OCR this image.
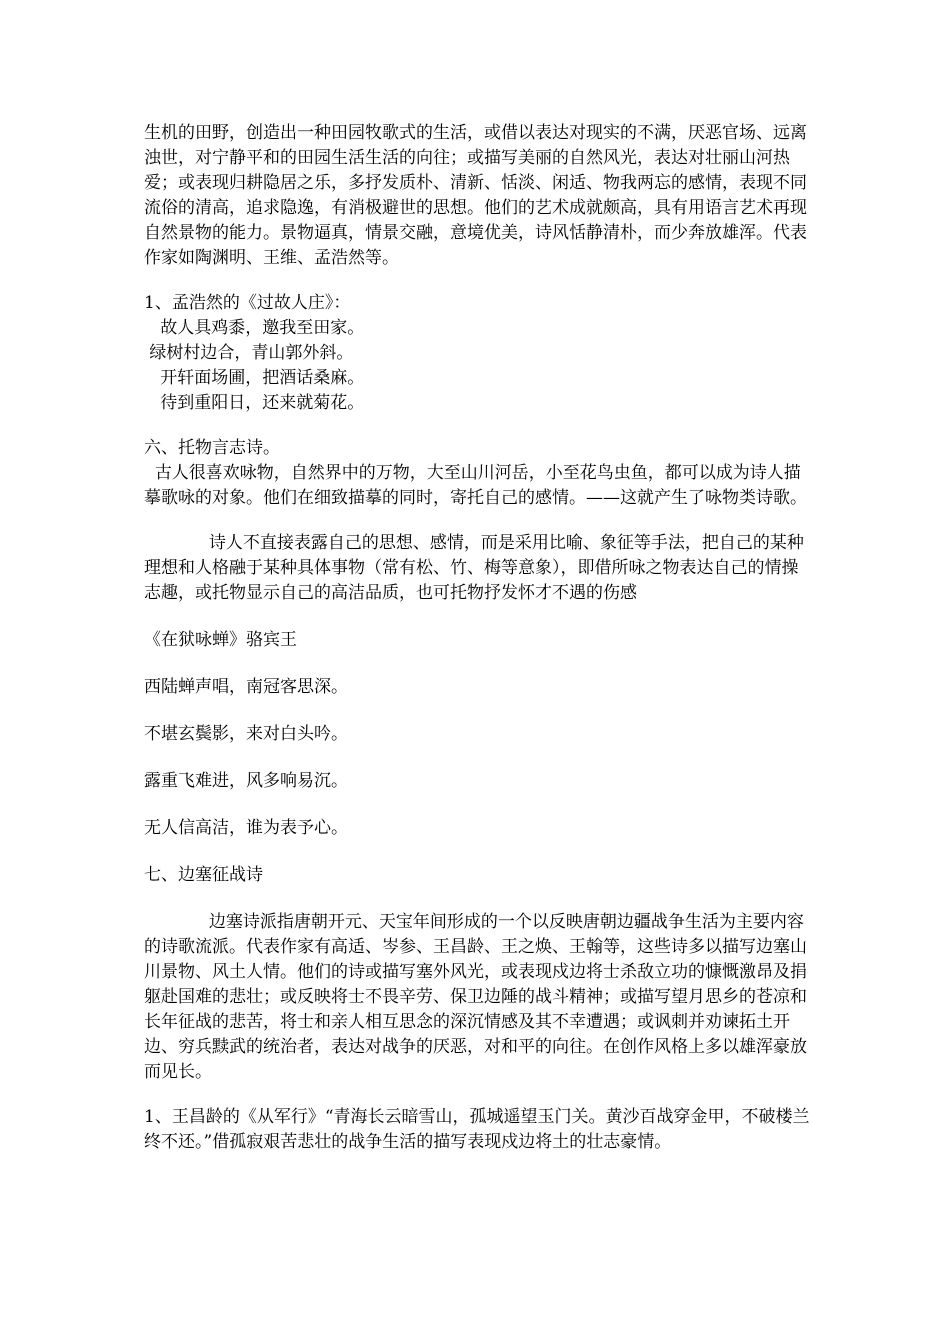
生机的田野，创造出一种田园牧歌式的生活，或借以表达对现实的不满，厌恶官场、远离浊世，对宁静平和的田园生活生活的向往；或描写美丽的自然风光，表达对壮丽山河热爱；或表现归耕隐居之乐，多抒发质朴、清新、恬淡、闲适、物我两忘的感情，表现不同流俗的清高，追求隐逸，有消极避世的思想。他们的艺术成就颇高，具有用语言艺术再现自然景物的能力。景物逼真，情景交融，意境优美，诗风恬静清朴，而少奔放雄浑。代表作家如陶渊明、王维、孟浩然等。

1、孟浩然的《过故人庄》：

故人具鸡黍，邀我至田家。

绿树村边合，青山郭外斜。

开轩面场圃，把酒话桑麻。

待到重阳日，还来就菊花。

六、托物言志诗。

古人很喜欢咏物，自然界中的万物，大至山川河岳，小至花鸟虫鱼，都可以成为诗人描摹歌咏的对象。他们在细致描摹的同时，寄托自己的感情。——这就产生了咏物类诗歌。

诗人不直接表露自己的思想、感情，而是采用比喻、象征等手法，把自己的某种理想和人格融于某种具体事物（常有松、竹、梅等意象），即借所咏之物表达自己的情操志趣，或托物显示自己的高洁品质，也可托物抒发怀才不遇的伤感

《在狱咏蝉》骆宾王

西陆蝉声唱，南冠客思深。

不堪玄鬓影，来对白头吟。

露重飞难进，风多响易沉。

无人信高洁，谁为表予心。

七、边塞征战诗

边塞诗派指唐朝开元、天宝年间形成的一个以反映唐朝边疆战争生活为主要内容的诗歌流派。代表作家有高适、岑参、王昌龄、王之焕、王翰等，这些诗多以描写边塞山川景物、风土人情。他们的诗或描写塞外风光，或表现戍边将士杀敌立功的慷慨激昂及捐躯赴国难的悲壮；或反映将士不畏辛劳、保卫边陲的战斗精神；或描写望月思乡的苍凉和长年征战的悲苦，将士和亲人相互思念的深沉情感及其不幸遭遇；或讽刺并劝谏拓土开边、穷兵黩武的统治者，表达对战争的厌恶，对和平的向往。在创作风格上多以雄浑豪放而见长。

1、王昌龄的《从军行》“青海长云暗雪山，孤城遥望玉门关。黄沙百战穿金甲，不破楼兰终不还。”借孤寂艰苦悲壮的战争生活的描写表现戍边将土的壮志豪情。
